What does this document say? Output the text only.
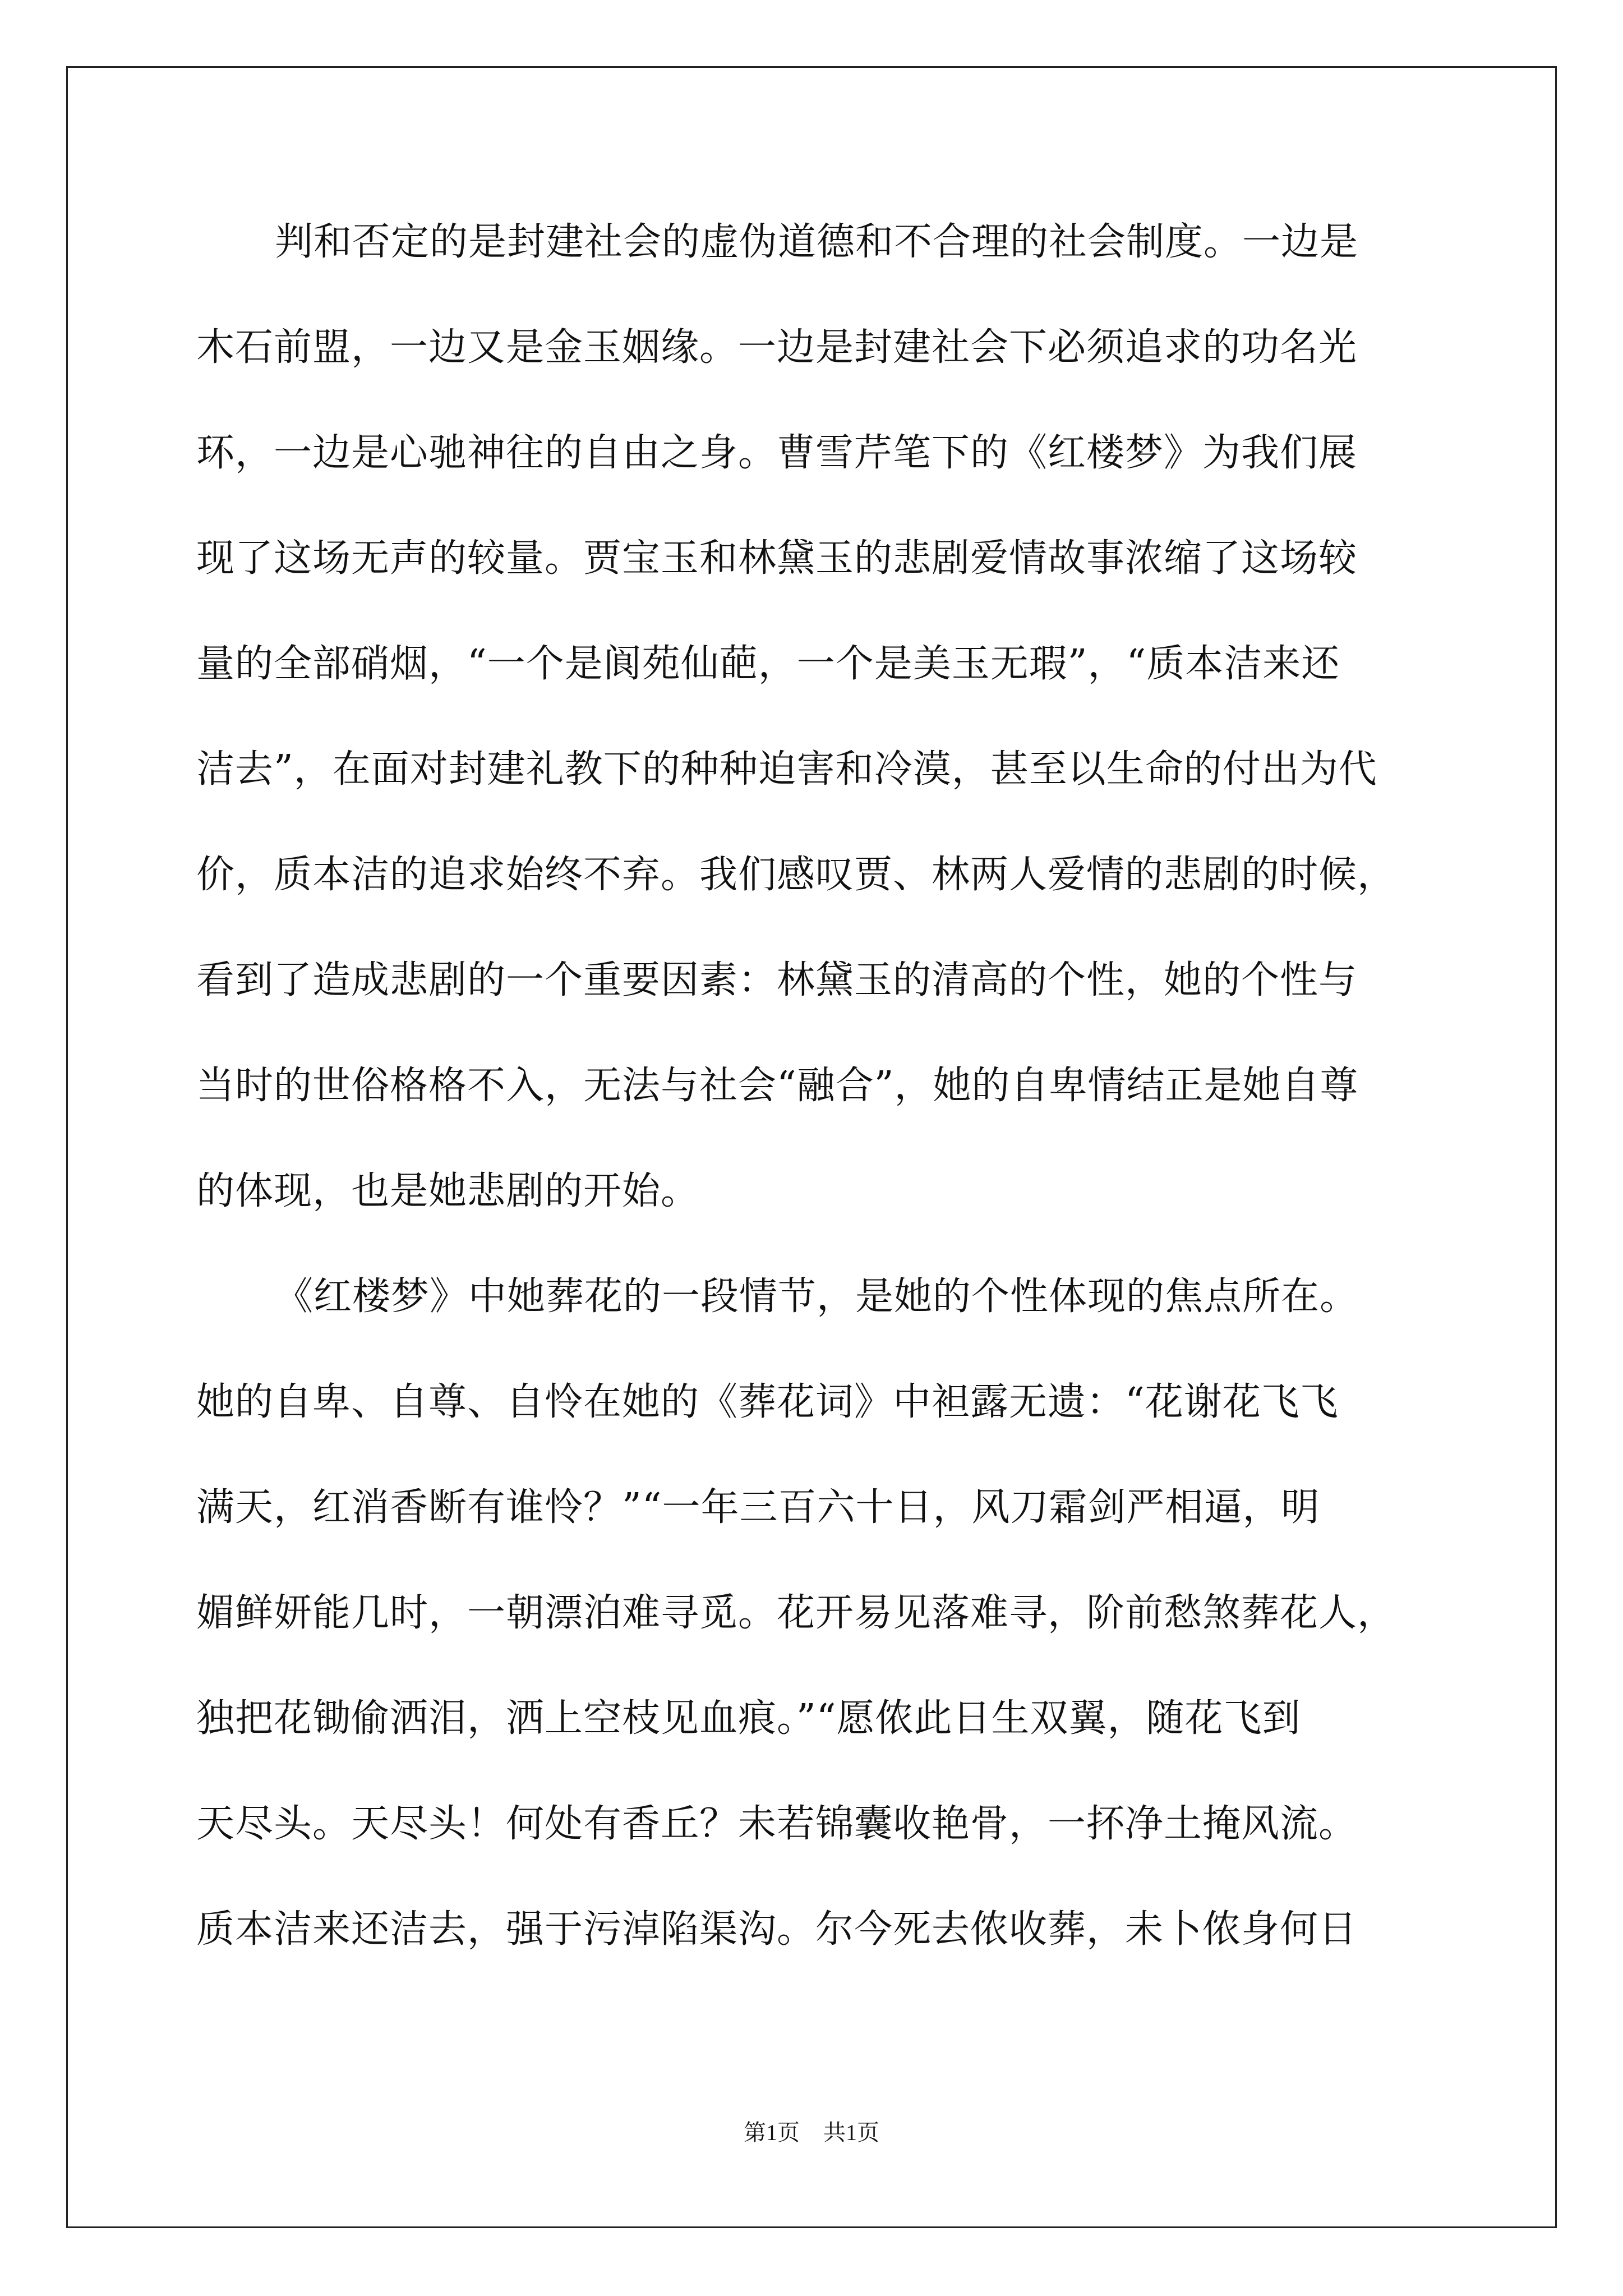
判和否定的是封建社会的虚伪道德和不合理的社会制度。一边是
木石前盟，一边又是金玉姻缘。一边是封建社会下必须追求的功名光
环，一边是心驰神往的自由之身。曹雪芹笔下的《红楼梦》为我们展
现了这场无声的较量。贾宝玉和林黛玉的悲剧爱情故事浓缩了这场较
量的全部硝烟，“一个是阆苑仙葩，一个是美玉无瑕”，“质本洁来还
洁去”，在面对封建礼教下的种种迫害和冷漠，甚至以生命的付出为代
价，质本洁的追求始终不弃。我们感叹贾、林两人爱情的悲剧的时候，
看到了造成悲剧的一个重要因素：林黛玉的清高的个性，她的个性与
当时的世俗格格不入，无法与社会“融合”，她的自卑情结正是她自尊
的体现，也是她悲剧的开始。
《红楼梦》中她葬花的一段情节，是她的个性体现的焦点所在。
她的自卑、自尊、自怜在她的《葬花词》中袒露无遗：“花谢花飞飞
满天，红消香断有谁怜？”“一年三百六十日，风刀霜剑严相逼，明
媚鲜妍能几时，一朝漂泊难寻觅。花开易见落难寻，阶前愁煞葬花人，
独把花锄偷洒泪，洒上空枝见血痕。”“愿侬此日生双翼，随花飞到
天尽头。天尽头！何处有香丘？未若锦囊收艳骨，一抔净土掩风流。
质本洁来还洁去，强于污淖陷渠沟。尔今死去侬收葬，未卜侬身何日
第1页 共1页
